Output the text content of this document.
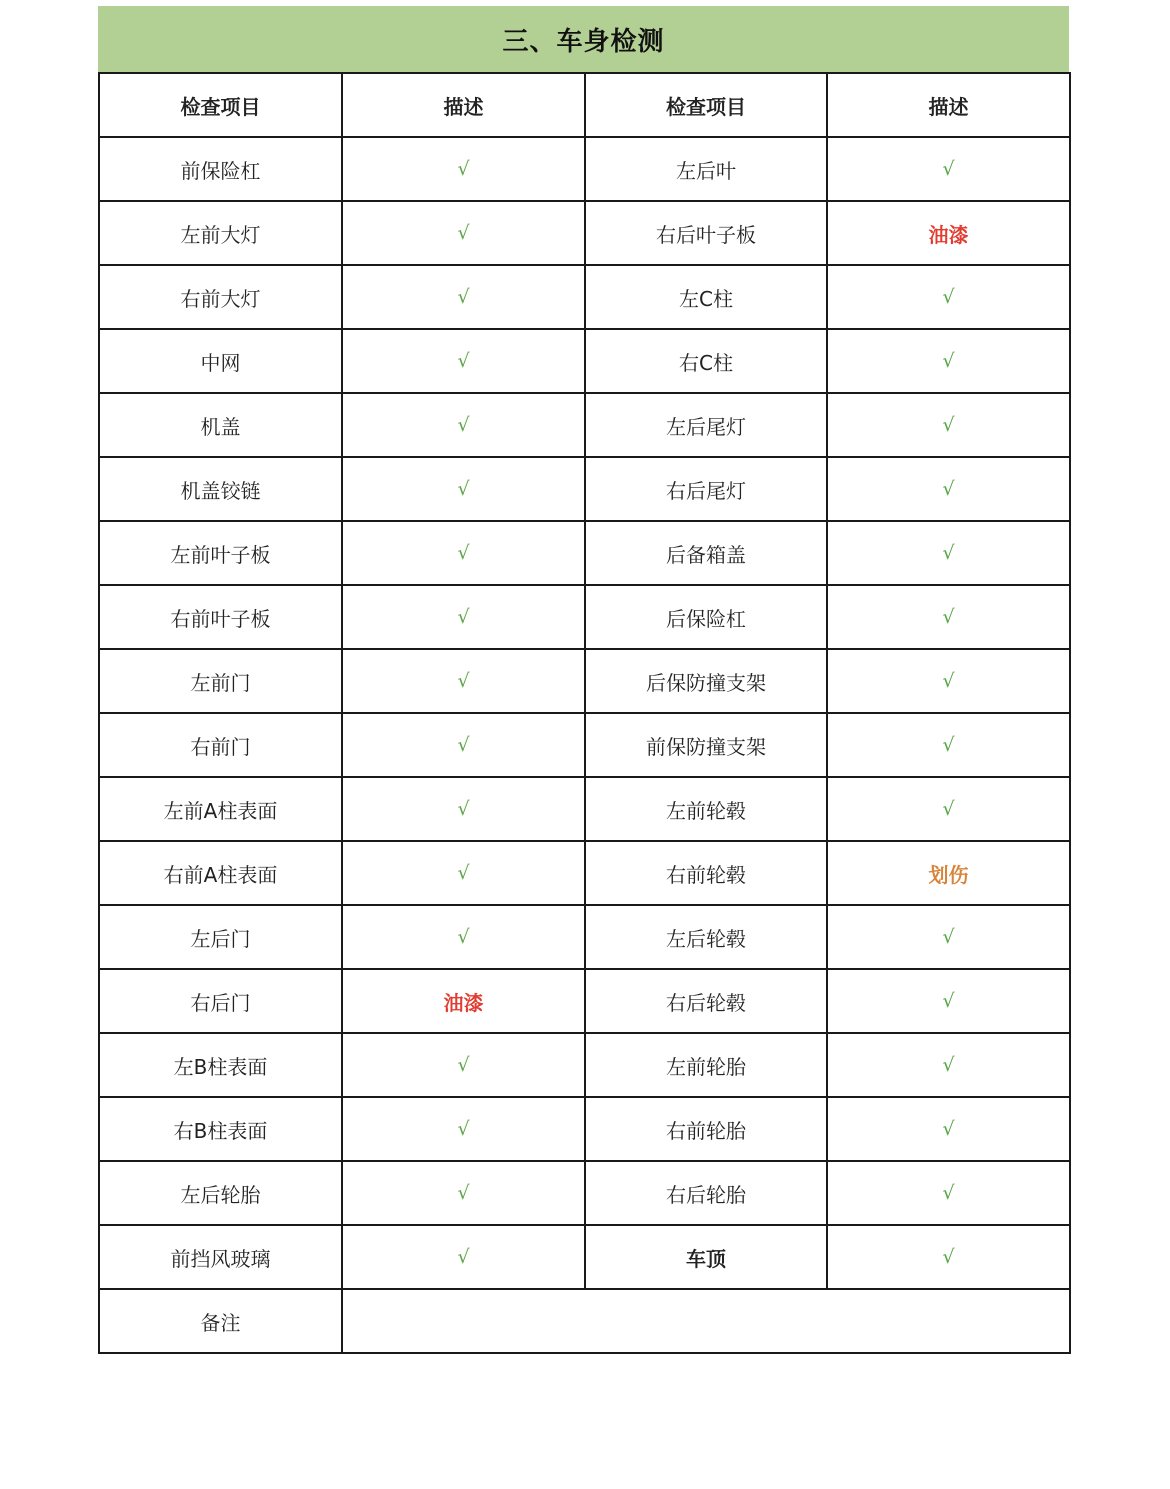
三、车身检测
检查项目	描述	检查项目	描述
前保险杠	√	左后叶	√
左前大灯	√	右后叶子板	油漆
右前大灯	√	左C柱	√
中网	√	右C柱	√
机盖	√	左后尾灯	√
机盖铰链	√	右后尾灯	√
左前叶子板	√	后备箱盖	√
右前叶子板	√	后保险杠	√
左前门	√	后保防撞支架	√
右前门	√	前保防撞支架	√
左前A柱表面	√	左前轮毂	√
右前A柱表面	√	右前轮毂	划伤
左后门	√	左后轮毂	√
右后门	油漆	右后轮毂	√
左B柱表面	√	左前轮胎	√
右B柱表面	√	右前轮胎	√
左后轮胎	√	右后轮胎	√
前挡风玻璃	√	车顶	√
备注			
